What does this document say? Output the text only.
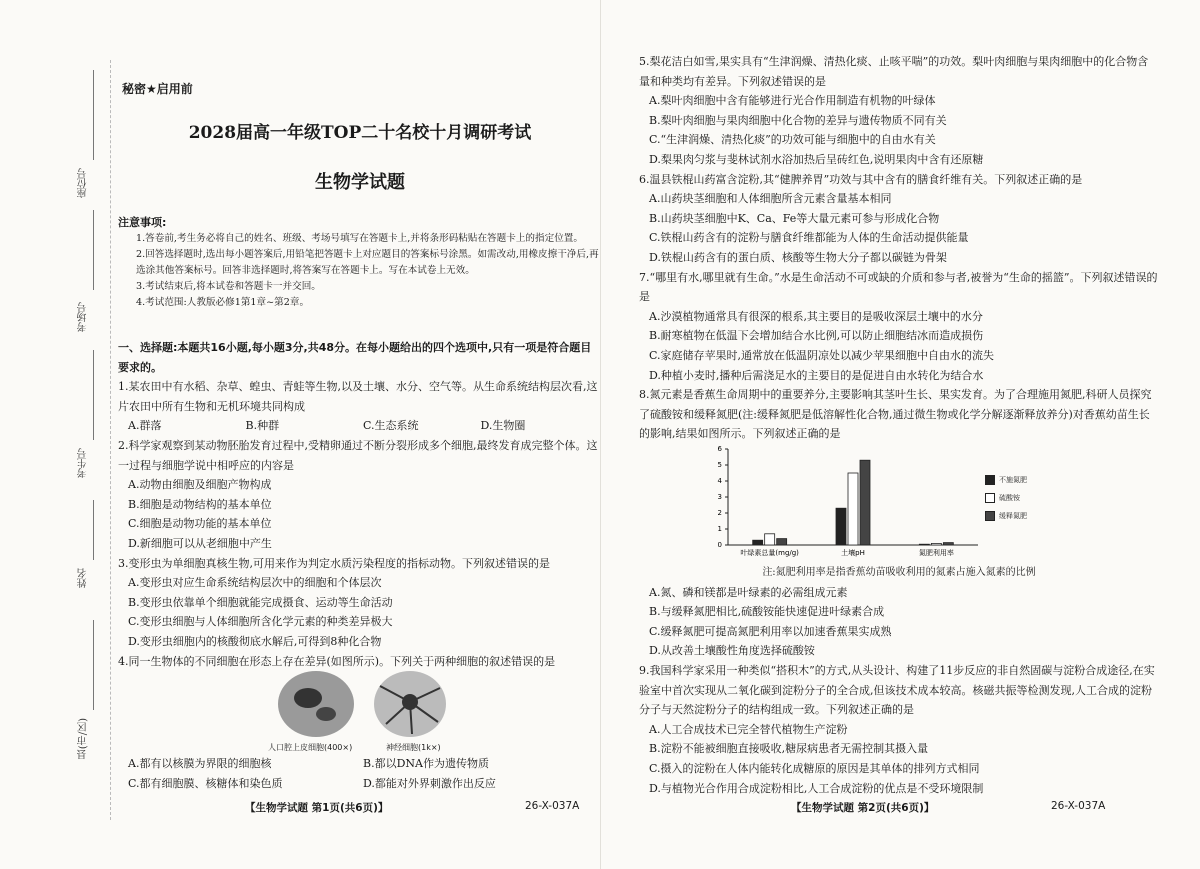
座位号
考场号
考生号
姓名
县(市/区)
秘密★启用前
2028届高一年级TOP二十名校十月调研考试
生物学试题
注意事项:
1.答卷前,考生务必将自己的姓名、班级、考场号填写在答题卡上,并将条形码粘贴在答题卡上的指定位置。
2.回答选择题时,选出每小题答案后,用铅笔把答题卡上对应题目的答案标号涂黑。如需改动,用橡皮擦干净后,再选涂其他答案标号。回答非选择题时,将答案写在答题卡上。写在本试卷上无效。
3.考试结束后,将本试卷和答题卡一并交回。
4.考试范围:人教版必修1第1章~第2章。
一、选择题:本题共16小题,每小题3分,共48分。在每小题给出的四个选项中,只有一项是符合题目要求的。
1.某农田中有水稻、杂草、蝗虫、青蛙等生物,以及土壤、水分、空气等。从生命系统结构层次看,这片农田中所有生物和无机环境共同构成
A.群落	B.种群	C.生态系统	D.生物圈
2.科学家观察到某动物胚胎发育过程中,受精卵通过不断分裂形成多个细胞,最终发育成完整个体。这一过程与细胞学说中相呼应的内容是
A.动物由细胞及细胞产物构成
B.细胞是动物结构的基本单位
C.细胞是动物功能的基本单位
D.新细胞可以从老细胞中产生
3.变形虫为单细胞真核生物,可用来作为判定水质污染程度的指标动物。下列叙述错误的是
A.变形虫对应生命系统结构层次中的细胞和个体层次
B.变形虫依靠单个细胞就能完成摄食、运动等生命活动
C.变形虫细胞与人体细胞所含化学元素的种类差异极大
D.变形虫细胞内的核酸彻底水解后,可得到8种化合物
4.同一生物体的不同细胞在形态上存在差异(如图所示)。下列关于两种细胞的叙述错误的是
人口腔上皮细胞(400×)	神经细胞(1k×)
A.都有以核膜为界限的细胞核	B.都以DNA作为遗传物质
C.都有细胞膜、核糖体和染色质	D.都能对外界刺激作出反应
【生物学试题 第1页(共6页)】	26-X-037A
5.梨花洁白如雪,果实具有“生津润燥、清热化痰、止咳平喘”的功效。梨叶肉细胞与果肉细胞中的化合物含量和种类均有差异。下列叙述错误的是
A.梨叶肉细胞中含有能够进行光合作用制造有机物的叶绿体
B.梨叶肉细胞与果肉细胞中化合物的差异与遗传物质不同有关
C.“生津润燥、清热化痰”的功效可能与细胞中的自由水有关
D.梨果肉匀浆与斐林试剂水浴加热后呈砖红色,说明果肉中含有还原糖
6.温县铁棍山药富含淀粉,其“健脾养胃”功效与其中含有的膳食纤维有关。下列叙述正确的是
A.山药块茎细胞和人体细胞所含元素含量基本相同
B.山药块茎细胞中K、Ca、Fe等大量元素可参与形成化合物
C.铁棍山药含有的淀粉与膳食纤维都能为人体的生命活动提供能量
D.铁棍山药含有的蛋白质、核酸等生物大分子都以碳链为骨架
7.“哪里有水,哪里就有生命。”水是生命活动不可或缺的介质和参与者,被誉为“生命的摇篮”。下列叙述错误的是
A.沙漠植物通常具有很深的根系,其主要目的是吸收深层土壤中的水分
B.耐寒植物在低温下会增加结合水比例,可以防止细胞结冰而造成损伤
C.家庭储存苹果时,通常放在低温阴凉处以减少苹果细胞中自由水的流失
D.种植小麦时,播种后需浇足水的主要目的是促进自由水转化为结合水
8.氮元素是香蕉生命周期中的重要养分,主要影响其茎叶生长、果实发育。为了合理施用氮肥,科研人员探究了硫酸铵和缓释氮肥(注:缓释氮肥是低溶解性化合物,通过微生物或化学分解逐渐释放养分)对香蕉幼苗生长的影响,结果如图所示。下列叙述正确的是
注:氮肥利用率是指香蕉幼苗吸收利用的氮素占施入氮素的比例
A.氮、磷和镁都是叶绿素的必需组成元素
B.与缓释氮肥相比,硫酸铵能快速促进叶绿素合成
C.缓释氮肥可提高氮肥利用率以加速香蕉果实成熟
D.从改善土壤酸性角度选择硫酸铵
9.我国科学家采用一种类似“搭积木”的方式,从头设计、构建了11步反应的非自然固碳与淀粉合成途径,在实验室中首次实现从二氧化碳到淀粉分子的全合成,但该技术成本较高。核磁共振等检测发现,人工合成的淀粉分子与天然淀粉分子的结构组成一致。下列叙述正确的是
A.人工合成技术已完全替代植物生产淀粉
B.淀粉不能被细胞直接吸收,糖尿病患者无需控制其摄入量
C.摄入的淀粉在人体内能转化成糖原的原因是其单体的排列方式相同
D.与植物光合作用合成淀粉相比,人工合成淀粉的优点是不受环境限制
【生物学试题 第2页(共6页)】	26-X-037A
0
1
2
3
4
5
6
叶绿素总量(mg/g)	土壤pH	氮肥利用率
不施氮肥
硫酸铵
缓释氮肥
